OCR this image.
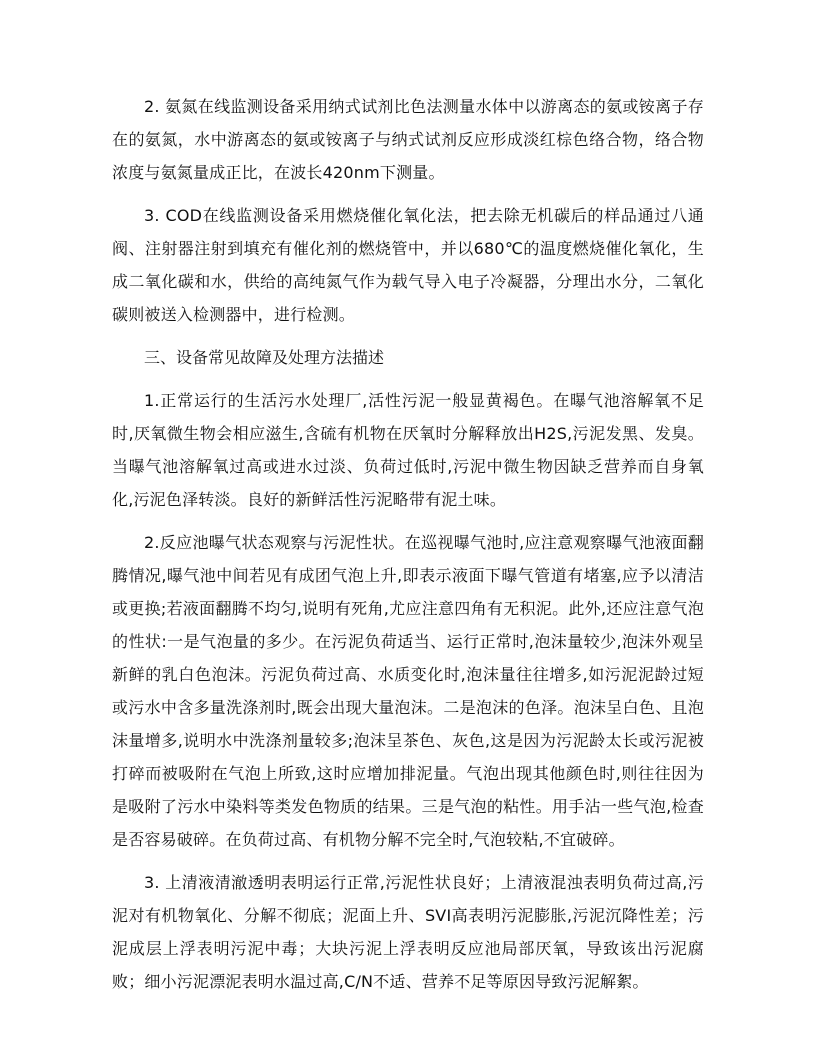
2. 氨氮在线监测设备采用纳式试剂比色法测量水体中以游离态的氨或铵离子存在的氨氮，水中游离态的氨或铵离子与纳式试剂反应形成淡红棕色络合物，络合物浓度与氨氮量成正比，在波长420nm下测量。

3. COD在线监测设备采用燃烧催化氧化法，把去除无机碳后的样品通过八通阀、注射器注射到填充有催化剂的燃烧管中，并以680℃的温度燃烧催化氧化，生成二氧化碳和水，供给的高纯氮气作为载气导入电子冷凝器，分理出水分，二氧化碳则被送入检测器中，进行检测。

三、设备常见故障及处理方法描述

1.正常运行的生活污水处理厂,活性污泥一般显黄褐色。在曝气池溶解氧不足时,厌氧微生物会相应滋生,含硫有机物在厌氧时分解释放出H2S,污泥发黑、发臭。当曝气池溶解氧过高或进水过淡、负荷过低时,污泥中微生物因缺乏营养而自身氧化,污泥色泽转淡。良好的新鲜活性污泥略带有泥土味。

2.反应池曝气状态观察与污泥性状。在巡视曝气池时,应注意观察曝气池液面翻腾情况,曝气池中间若见有成团气泡上升,即表示液面下曝气管道有堵塞,应予以清洁或更换;若液面翻腾不均匀,说明有死角,尤应注意四角有无积泥。此外,还应注意气泡的性状:一是气泡量的多少。在污泥负荷适当、运行正常时,泡沫量较少,泡沫外观呈新鲜的乳白色泡沫。污泥负荷过高、水质变化时,泡沫量往往增多,如污泥泥龄过短或污水中含多量洗涤剂时,既会出现大量泡沫。二是泡沫的色泽。泡沫呈白色、且泡沫量增多,说明水中洗涤剂量较多;泡沫呈茶色、灰色,这是因为污泥龄太长或污泥被打碎而被吸附在气泡上所致,这时应增加排泥量。气泡出现其他颜色时,则往往因为是吸附了污水中染料等类发色物质的结果。三是气泡的粘性。用手沾一些气泡,检查是否容易破碎。在负荷过高、有机物分解不完全时,气泡较粘,不宜破碎。

3. 上清液清澈透明表明运行正常,污泥性状良好；上清液混浊表明负荷过高,污泥对有机物氧化、分解不彻底；泥面上升、SVI高表明污泥膨胀,污泥沉降性差；污泥成层上浮表明污泥中毒；大块污泥上浮表明反应池局部厌氧，导致该出污泥腐败；细小污泥漂泥表明水温过高,C/N不适、营养不足等原因导致污泥解絮。
